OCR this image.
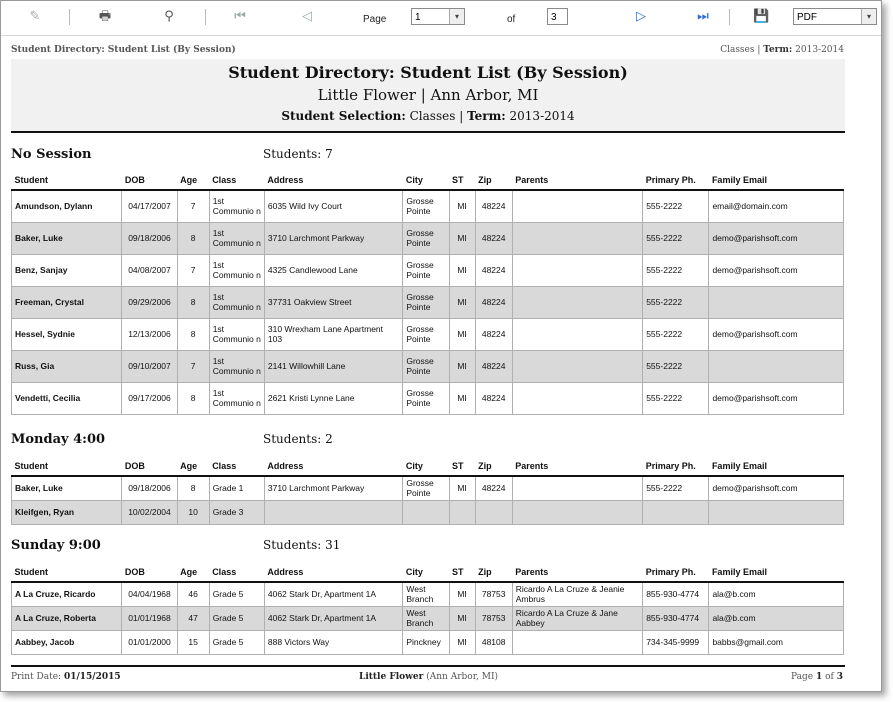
✎	🖶	⚲	⏮	◁	Page	1	▾	of	3	▷	⏭	💾	PDF	▾
Student Directory: Student List (By Session)	Classes | Term: 2013-2014
Student Directory: Student List (By Session)
Little Flower | Ann Arbor, MI
Student Selection: Classes | Term: 2013-2014
No Session	Students: 7
Student	DOB	Age	Class	Address	City	ST	Zip	Parents	Primary Ph.	Family Email
Amundson, Dylann	04/17/2007	7	1st Communio n	6035 Wild Ivy Court	Grosse Pointe	MI	48224		555-2222	email@domain.com
Baker, Luke	09/18/2006	8	1st Communio n	3710 Larchmont Parkway	Grosse Pointe	MI	48224		555-2222	demo@parishsoft.com
Benz, Sanjay	04/08/2007	7	1st Communio n	4325 Candlewood Lane	Grosse Pointe	MI	48224		555-2222	demo@parishsoft.com
Freeman, Crystal	09/29/2006	8	1st Communio n	37731 Oakview Street	Grosse Pointe	MI	48224		555-2222	
Hessel, Sydnie	12/13/2006	8	1st Communio n	310 Wrexham Lane Apartment 103	Grosse Pointe	MI	48224		555-2222	demo@parishsoft.com
Russ, Gia	09/10/2007	7	1st Communio n	2141 Willowhill Lane	Grosse Pointe	MI	48224		555-2222	
Vendetti, Cecilia	09/17/2006	8	1st Communio n	2621 Kristi Lynne Lane	Grosse Pointe	MI	48224		555-2222	demo@parishsoft.com
Monday 4:00	Students: 2
Student	DOB	Age	Class	Address	City	ST	Zip	Parents	Primary Ph.	Family Email
Baker, Luke	09/18/2006	8	Grade 1	3710 Larchmont Parkway	Grosse Pointe	MI	48224		555-2222	demo@parishsoft.com
Kleifgen, Ryan	10/02/2004	10	Grade 3							
Sunday 9:00	Students: 31
Student	DOB	Age	Class	Address	City	ST	Zip	Parents	Primary Ph.	Family Email
A La Cruze, Ricardo	04/04/1968	46	Grade 5	4062 Stark Dr, Apartment 1A	West Branch	MI	78753	Ricardo A La Cruze & Jeanie Ambrus	855-930-4774	ala@b.com
A La Cruze, Roberta	01/01/1968	47	Grade 5	4062 Stark Dr, Apartment 1A	West Branch	MI	78753	Ricardo A La Cruze & Jane Aabbey	855-930-4774	ala@b.com
Aabbey, Jacob	01/01/2000	15	Grade 5	888 Victors Way	Pinckney	MI	48108		734-345-9999	babbs@gmail.com
Print Date: 01/15/2015	Little Flower (Ann Arbor, MI)	Page 1 of 3
